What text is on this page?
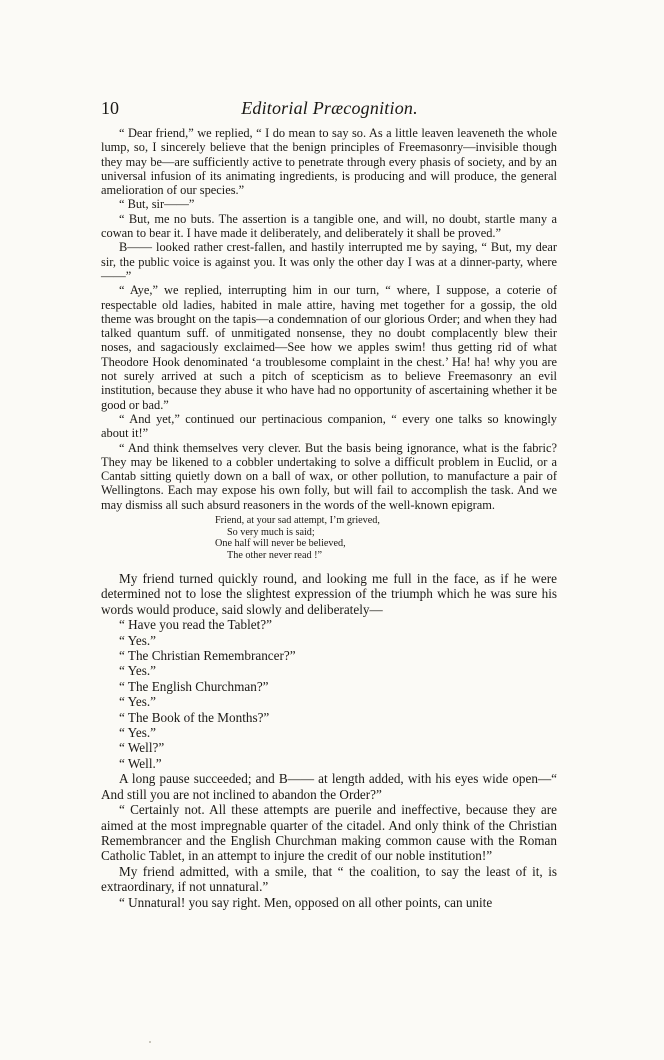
10	Editorial Præcognition.

“ Dear friend,” we replied, “ I do mean to say so. As a little leaven leaveneth the whole lump, so, I sincerely believe that the benign principles of Freemasonry—invisible though they may be—are sufficiently active to penetrate through every phasis of society, and by an universal infusion of its animating ingredients, is producing and will produce, the general amelioration of our species.”

“ But, sir——”

“ But, me no buts. The assertion is a tangible one, and will, no doubt, startle many a cowan to bear it. I have made it deliberately, and deliberately it shall be proved.”

B—— looked rather crest-fallen, and hastily interrupted me by saying, “ But, my dear sir, the public voice is against you. It was only the other day I was at a dinner-party, where——”

“ Aye,” we replied, interrupting him in our turn, “ where, I suppose, a coterie of respectable old ladies, habited in male attire, having met together for a gossip, the old theme was brought on the tapis—a condemnation of our glorious Order; and when they had talked quantum suff. of unmitigated nonsense, they no doubt complacently blew their noses, and sagaciously exclaimed—See how we apples swim! thus getting rid of what Theodore Hook denominated ‘a troublesome complaint in the chest.’ Ha! ha! why you are not surely arrived at such a pitch of scepticism as to believe Freemasonry an evil institution, because they abuse it who have had no opportunity of ascertaining whether it be good or bad.”

“ And yet,” continued our pertinacious companion, “ every one talks so knowingly about it!”

“ And think themselves very clever. But the basis being ignorance, what is the fabric? They may be likened to a cobbler undertaking to solve a difficult problem in Euclid, or a Cantab sitting quietly down on a ball of wax, or other pollution, to manufacture a pair of Wellingtons. Each may expose his own folly, but will fail to accomplish the task. And we may dismiss all such absurd reasoners in the words of the well-known epigram.

Friend, at your sad attempt, I’m grieved,
So very much is said;
One half will never be believed,
The other never read !”

My friend turned quickly round, and looking me full in the face, as if he were determined not to lose the slightest expression of the triumph which he was sure his words would produce, said slowly and deliberately—

“ Have you read the Tablet?”

“ Yes.”

“ The Christian Remembrancer?”

“ Yes.”

“ The English Churchman?”

“ Yes.”

“ The Book of the Months?”

“ Yes.”

“ Well?”

“ Well.”

A long pause succeeded; and B—— at length added, with his eyes wide open—“ And still you are not inclined to abandon the Order?”

“ Certainly not. All these attempts are puerile and ineffective, because they are aimed at the most impregnable quarter of the citadel. And only think of the Christian Remembrancer and the English Churchman making common cause with the Roman Catholic Tablet, in an attempt to injure the credit of our noble institution!”

My friend admitted, with a smile, that “ the coalition, to say the least of it, is extraordinary, if not unnatural.”

“ Unnatural! you say right. Men, opposed on all other points, can unite
